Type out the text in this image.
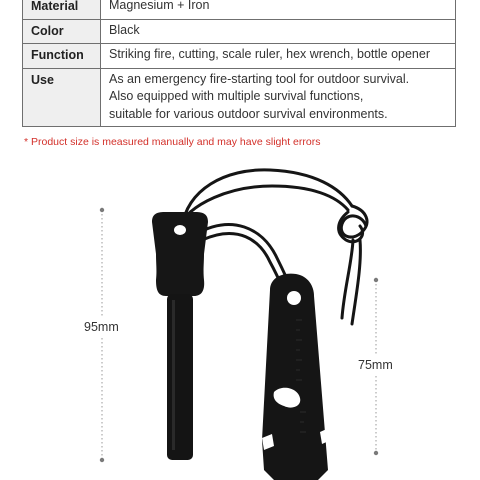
Material	Magnesium + Iron
Color	Black
Function	Striking fire, cutting, scale ruler, hex wrench, bottle opener
Use	As an emergency fire-starting tool for outdoor survival.
Also equipped with multiple survival functions,
suitable for various outdoor survival environments.
* Product size is measured manually and may have slight errors
95mm
75mm
